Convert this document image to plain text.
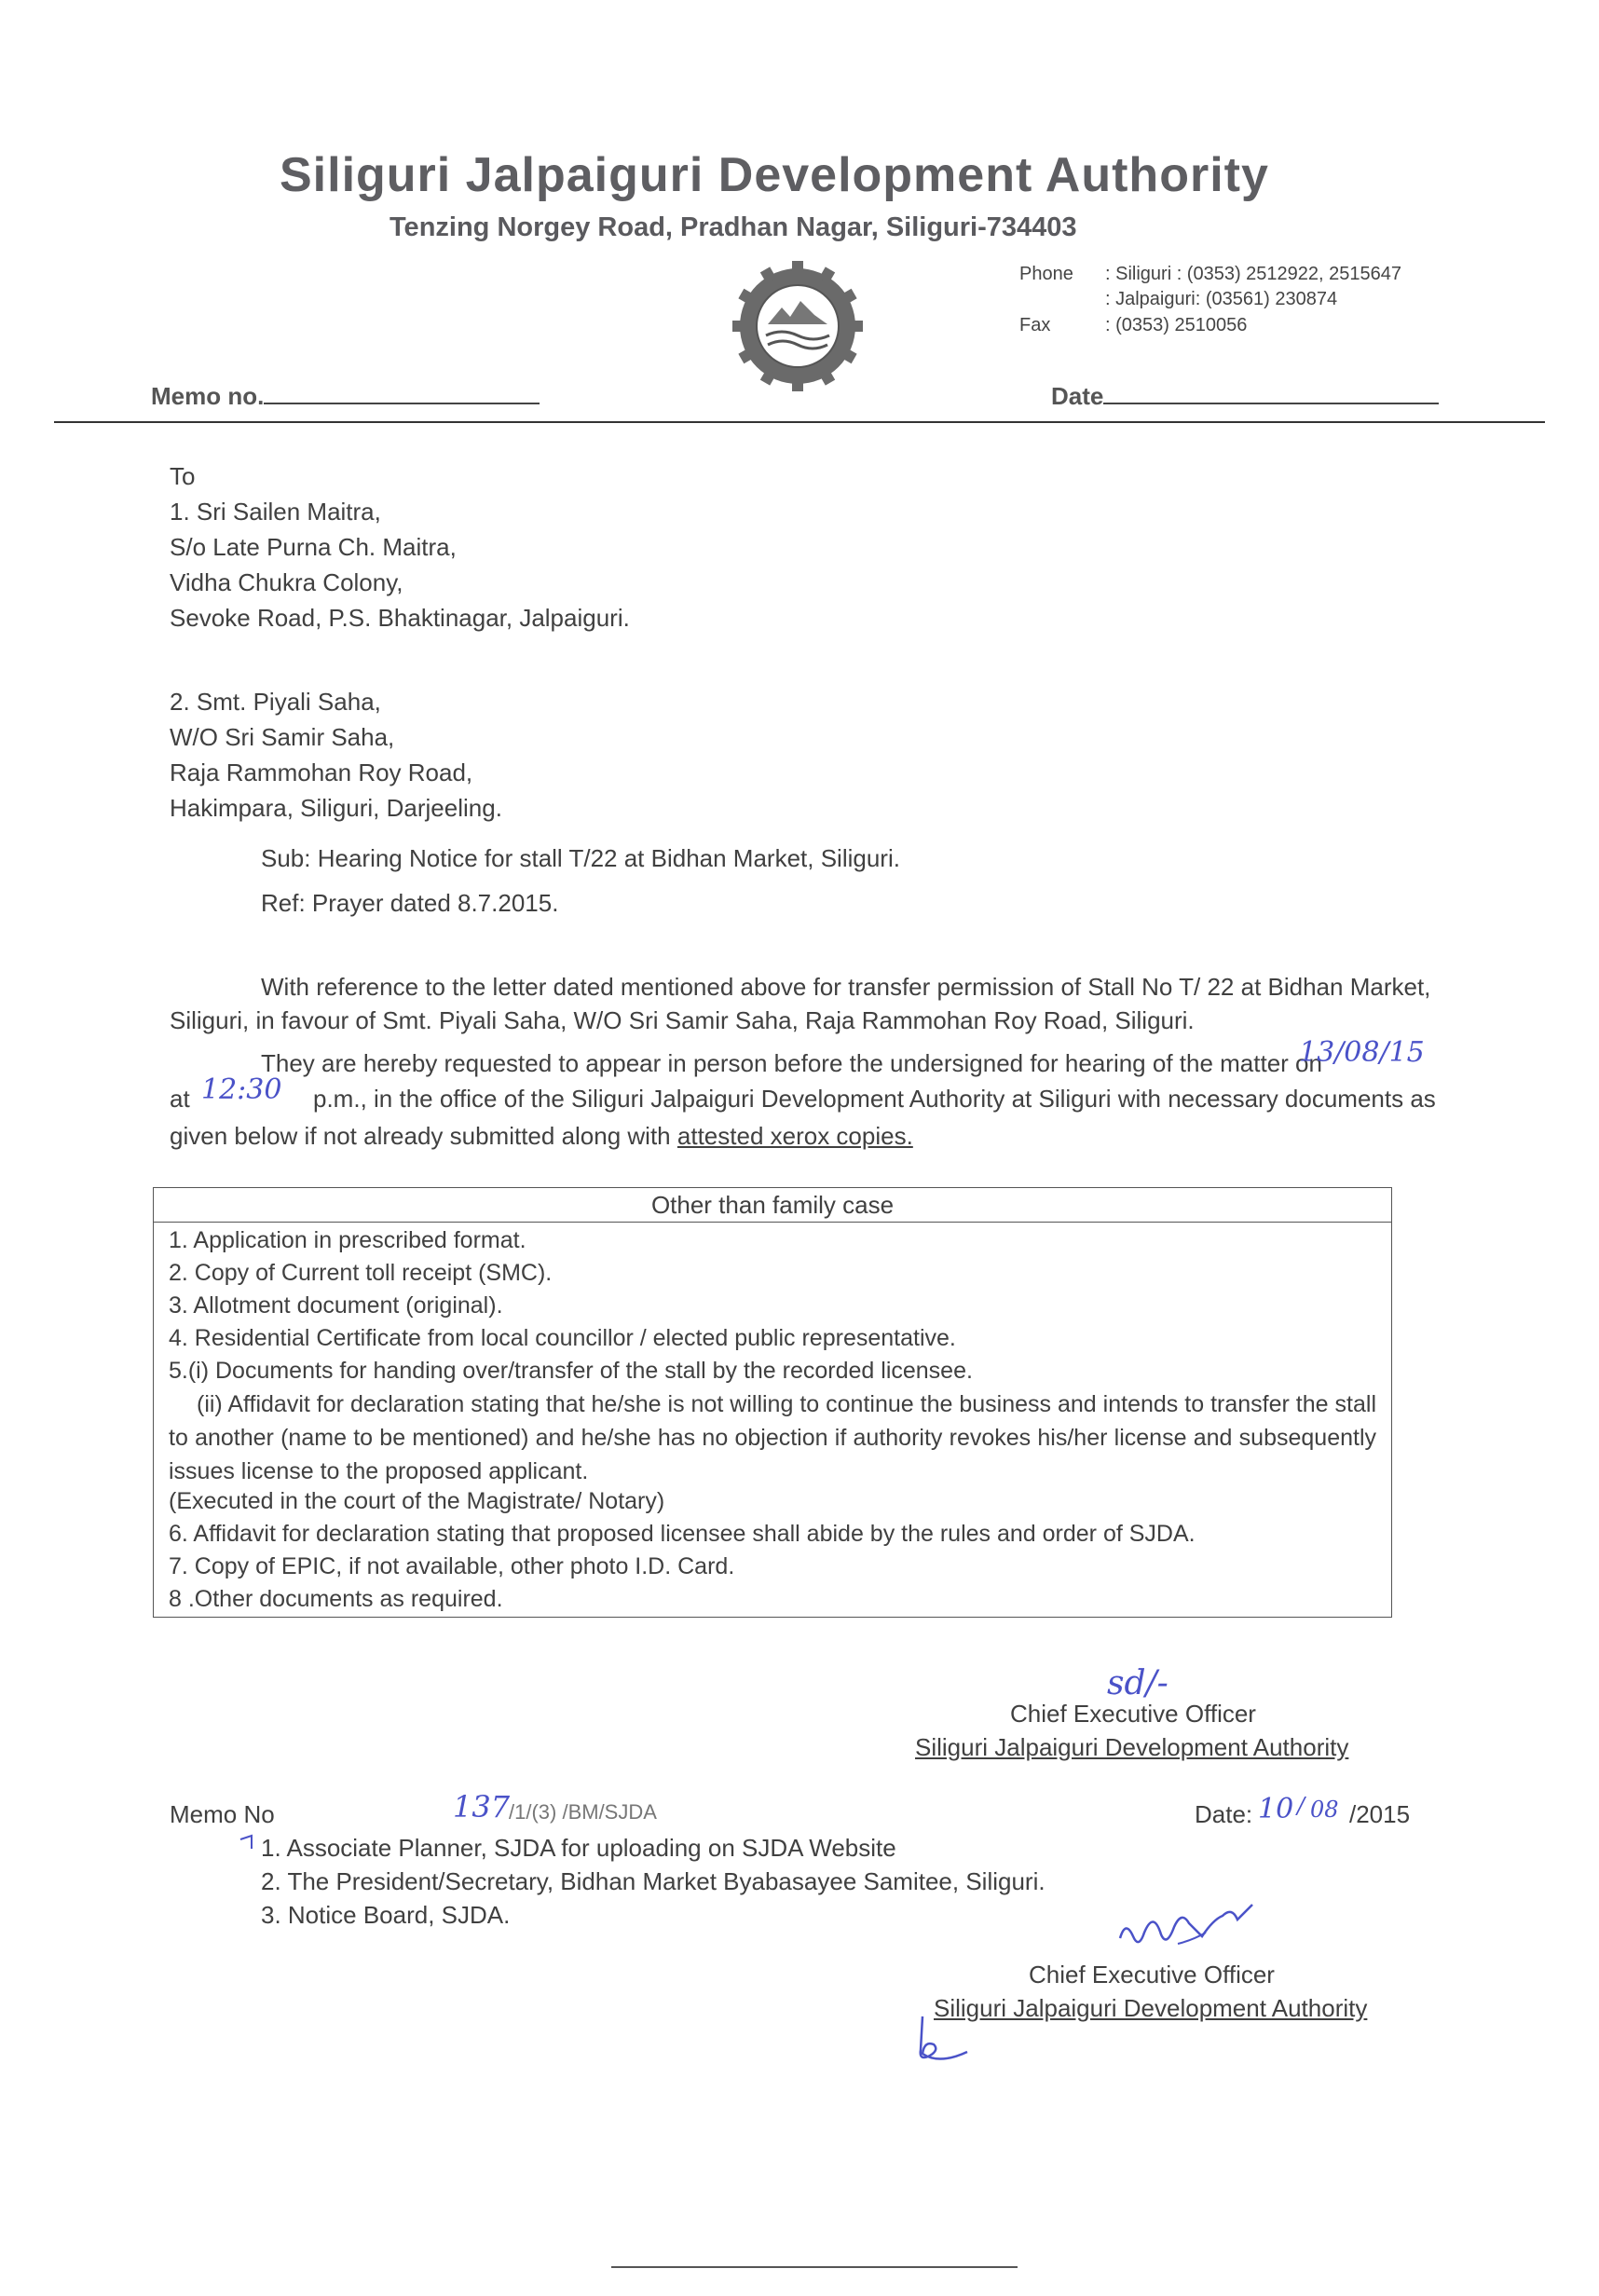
Siliguri Jalpaiguri Development Authority
Tenzing Norgey Road, Pradhan Nagar, Siliguri-734403
Phone : Siliguri : (0353) 2512922, 2515647
: Jalpaiguri: (03561) 230874
Fax	: (0353) 2510056
Memo no.	Date
To
1. Sri Sailen Maitra,
S/o Late Purna Ch. Maitra,
Vidha Chukra Colony,
Sevoke Road, P.S. Bhaktinagar, Jalpaiguri.
2. Smt. Piyali Saha,
W/O Sri Samir Saha,
Raja Rammohan Roy Road,
Hakimpara, Siliguri, Darjeeling.
Sub: Hearing Notice for stall T/22 at Bidhan Market, Siliguri.
Ref: Prayer dated 8.7.2015.
With reference to the letter dated mentioned above for transfer permission of Stall No T/ 22 at Bidhan Market,
Siliguri, in favour of Smt. Piyali Saha, W/O Sri Samir Saha, Raja Rammohan Roy Road, Siliguri.
They are hereby requested to appear in person before the undersigned for hearing of the matter on
13/08/15
at 12:30 p.m., in the office of the Siliguri Jalpaiguri Development Authority at Siliguri with necessary documents as
given below if not already submitted along with attested xerox copies.
Other than family case
1. Application in prescribed format.
2. Copy of Current toll receipt (SMC).
3. Allotment document (original).
4. Residential Certificate from local councillor / elected public representative.
5.(i) Documents for handing over/transfer of the stall by the recorded licensee.
(ii) Affidavit for declaration stating that he/she is not willing to continue the business and intends to transfer the stall to another (name to be mentioned) and he/she has no objection if authority revokes his/her license and subsequently issues license to the proposed applicant.
(Executed in the court of the Magistrate/ Notary)
6. Affidavit for declaration stating that proposed licensee shall abide by the rules and order of SJDA.
7. Copy of EPIC, if not available, other photo I.D. Card.
8 .Other documents as required.
sd/-
Chief Executive Officer
Siliguri Jalpaiguri Development Authority
Memo No	137
/1/(3) /BM/SJDA	Date: 10 / 08 /2015
1. Associate Planner, SJDA for uploading on SJDA Website
2. The President/Secretary, Bidhan Market Byabasayee Samitee, Siliguri.
3. Notice Board, SJDA.
Chief Executive Officer
Siliguri Jalpaiguri Development Authority
